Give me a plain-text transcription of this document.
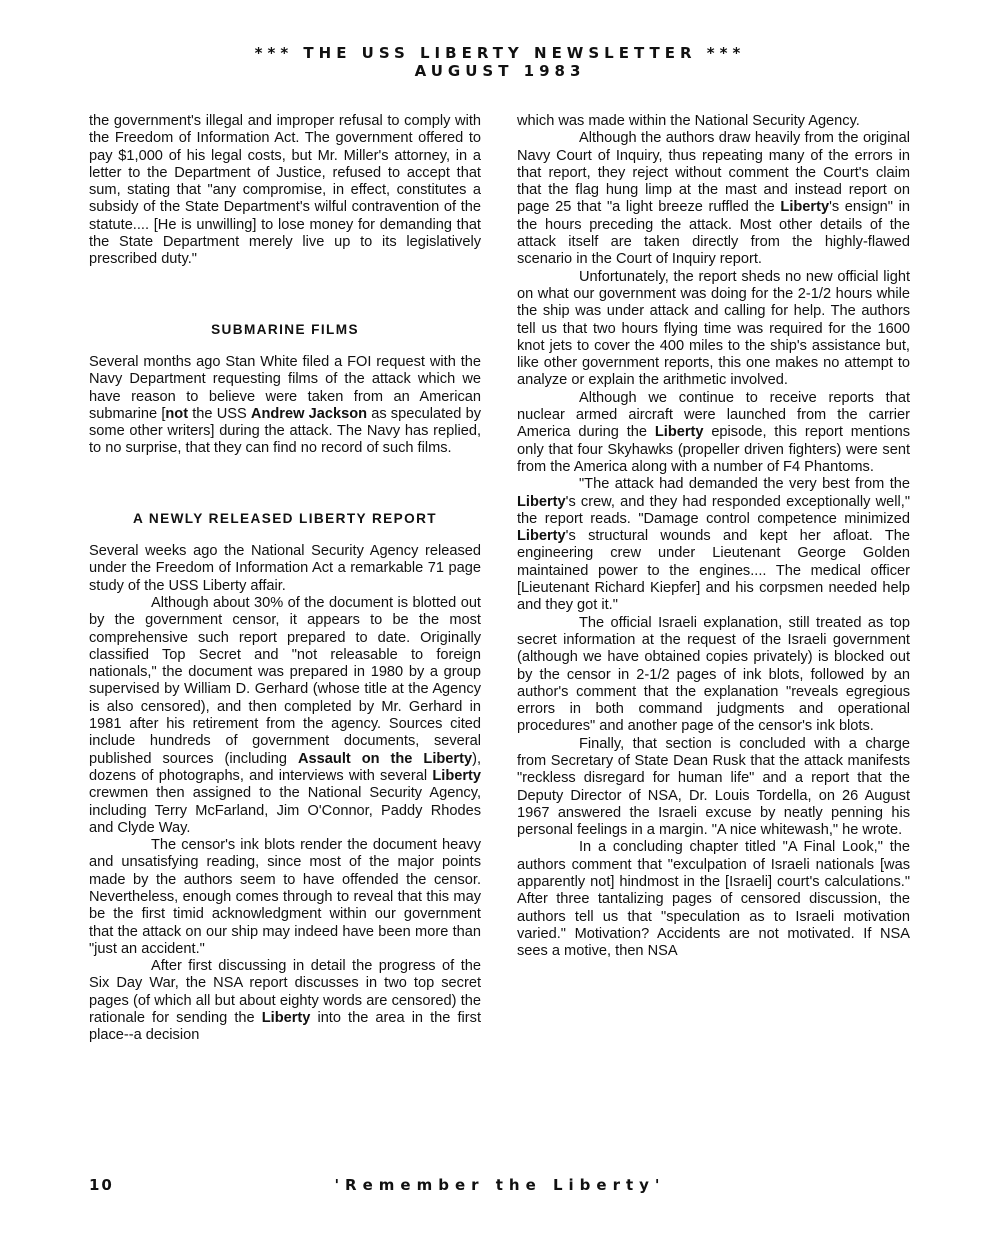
*** THE USS LIBERTY NEWSLETTER ***
AUGUST 1983

the government's illegal and improper refusal to comply with the Freedom of Information Act. The government offered to pay $1,000 of his legal costs, but Mr. Miller's attorney, in a letter to the Department of Justice, refused to accept that sum, stating that "any compromise, in effect, constitutes a subsidy of the State Department's wilful contravention of the statute.... [He is unwilling] to lose money for demanding that the State Department merely live up to its legislatively prescribed duty."

SUBMARINE FILMS

Several months ago Stan White filed a FOI request with the Navy Department requesting films of the attack which we have reason to believe were taken from an American submarine [not the USS Andrew Jackson as speculated by some other writers] during the attack. The Navy has replied, to no surprise, that they can find no record of such films.

A NEWLY RELEASED LIBERTY REPORT

Several weeks ago the National Security Agency released under the Freedom of Information Act a remarkable 71 page study of the USS Liberty affair.

Although about 30% of the document is blotted out by the government censor, it appears to be the most comprehensive such report prepared to date. Originally classified Top Secret and "not releasable to foreign nationals," the document was prepared in 1980 by a group supervised by William D. Gerhard (whose title at the Agency is also censored), and then completed by Mr. Gerhard in 1981 after his retirement from the agency. Sources cited include hundreds of government documents, several published sources (including Assault on the Liberty), dozens of photographs, and interviews with several Liberty crewmen then assigned to the National Security Agency, including Terry McFarland, Jim O'Connor, Paddy Rhodes and Clyde Way.

The censor's ink blots render the document heavy and unsatisfying reading, since most of the major points made by the authors seem to have offended the censor. Nevertheless, enough comes through to reveal that this may be the first timid acknowledgment within our government that the attack on our ship may indeed have been more than "just an accident."

After first discussing in detail the progress of the Six Day War, the NSA report discusses in two top secret pages (of which all but about eighty words are censored) the rationale for sending the Liberty into the area in the first place--a decision

which was made within the National Security Agency.

Although the authors draw heavily from the original Navy Court of Inquiry, thus repeating many of the errors in that report, they reject without comment the Court's claim that the flag hung limp at the mast and instead report on page 25 that "a light breeze ruffled the Liberty's ensign" in the hours preceding the attack. Most other details of the attack itself are taken directly from the highly-flawed scenario in the Court of Inquiry report.

Unfortunately, the report sheds no new official light on what our government was doing for the 2-1/2 hours while the ship was under attack and calling for help. The authors tell us that two hours flying time was required for the 1600 knot jets to cover the 400 miles to the ship's assistance but, like other government reports, this one makes no attempt to analyze or explain the arithmetic involved.

Although we continue to receive reports that nuclear armed aircraft were launched from the carrier America during the Liberty episode, this report mentions only that four Skyhawks (propeller driven fighters) were sent from the America along with a number of F4 Phantoms.

"The attack had demanded the very best from the Liberty's crew, and they had responded exceptionally well," the report reads. "Damage control competence minimized Liberty's structural wounds and kept her afloat. The engineering crew under Lieutenant George Golden maintained power to the engines.... The medical officer [Lieutenant Richard Kiepfer] and his corpsmen needed help and they got it."

The official Israeli explanation, still treated as top secret information at the request of the Israeli government (although we have obtained copies privately) is blocked out by the censor in 2-1/2 pages of ink blots, followed by an author's comment that the explanation "reveals egregious errors in both command judgments and operational procedures" and another page of the censor's ink blots.

Finally, that section is concluded with a charge from Secretary of State Dean Rusk that the attack manifests "reckless disregard for human life" and a report that the Deputy Director of NSA, Dr. Louis Tordella, on 26 August 1967 answered the Israeli excuse by neatly penning his personal feelings in a margin. "A nice whitewash," he wrote.

In a concluding chapter titled "A Final Look," the authors comment that "exculpation of Israeli nationals [was apparently not] hindmost in the [Israeli] court's calculations." After three tantalizing pages of censored discussion, the authors tell us that "speculation as to Israeli motivation varied." Motivation? Accidents are not motivated. If NSA sees a motive, then NSA

10	'Remember the Liberty'
